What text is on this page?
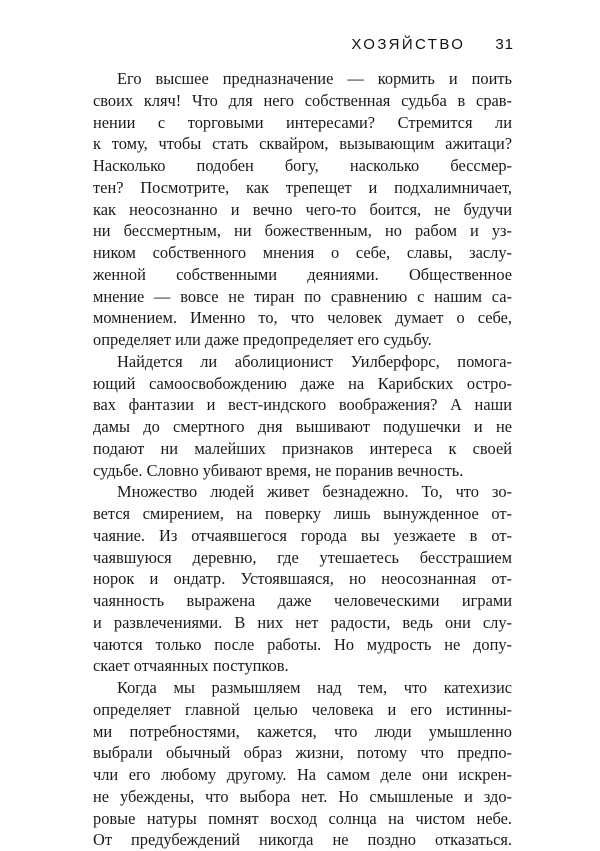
ХОЗЯЙСТВО 31
Его высшее предназначение — кормить и поить
своих кляч! Что для него собственная судьба в срав-
нении с торговыми интересами? Стремится ли
к тому, чтобы стать сквайром, вызывающим ажитаци?
Насколько подобен богу, насколько бессмер-
тен? Посмотрите, как трепещет и подхалимничает,
как неосознанно и вечно чего-то боится, не будучи
ни бессмертным, ни божественным, но рабом и уз-
ником собственного мнения о себе, славы, заслу-
женной собственными деяниями. Общественное
мнение — вовсе не тиран по сравнению с нашим са-
момнением. Именно то, что человек думает о себе,
определяет или даже предопределяет его судьбу.
Найдется ли аболиционист Уилберфорс, помога-
ющий самоосвобождению даже на Карибских остро-
вах фантазии и вест-индского воображения? А наши
дамы до смертного дня вышивают подушечки и не
подают ни малейших признаков интереса к своей
судьбе. Словно убивают время, не поранив вечность.
Множество людей живет безнадежно. То, что зо-
вется смирением, на поверку лишь вынужденное от-
чаяние. Из отчаявшегося города вы уезжаете в от-
чаявшуюся деревню, где утешаетесь бесстрашием
норок и ондатр. Устоявшаяся, но неосознанная от-
чаянность выражена даже человеческими играми
и развлечениями. В них нет радости, ведь они слу-
чаются только после работы. Но мудрость не допу-
скает отчаянных поступков.
Когда мы размышляем над тем, что катехизис
определяет главной целью человека и его истинны-
ми потребностями, кажется, что люди умышленно
выбрали обычный образ жизни, потому что предпо-
чли его любому другому. На самом деле они искрен-
не убеждены, что выбора нет. Но смышленые и здо-
ровые натуры помнят восход солнца на чистом небе.
От предубеждений никогда не поздно отказаться.
